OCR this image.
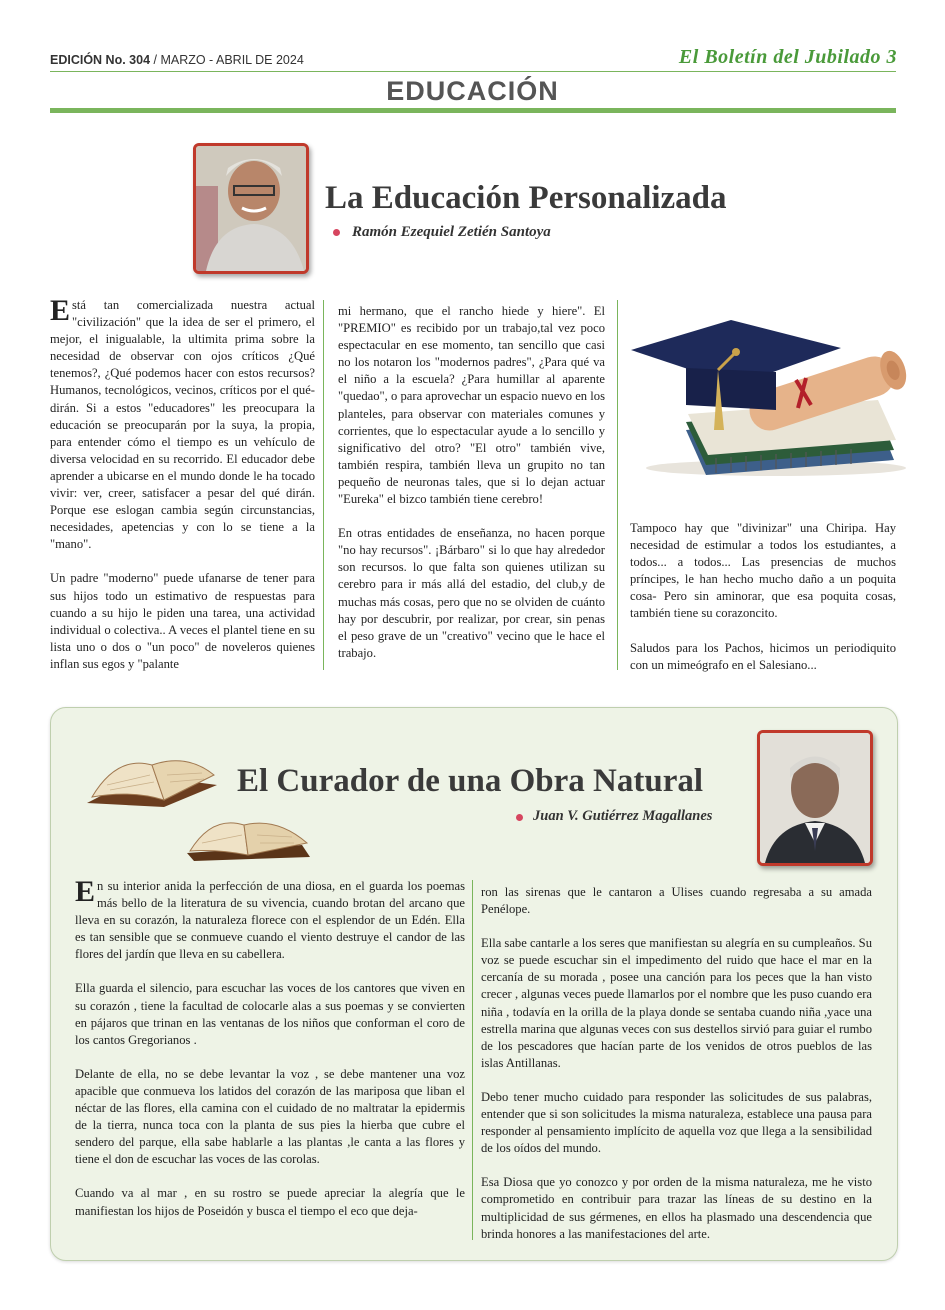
EDICIÓN No. 304 / MARZO - ABRIL DE 2024	El Boletín del Jubilado 3
EDUCACIÓN
La Educación Personalizada
Ramón Ezequiel Zetién Santoya

Está tan comercializada nuestra actual "civilización" que la idea de ser el primero, el mejor, el inigualable, la ultimita prima sobre la necesidad de observar con ojos críticos ¿Qué tenemos?, ¿Qué podemos hacer con estos recursos? Humanos, tecnológicos, vecinos, críticos por el qué- dirán. Si a estos "educadores" les preocupara la educación se preocuparán por la suya, la propia, para entender cómo el tiempo es un vehículo de diversa velocidad en su recorrido. El educador debe aprender a ubicarse en el mundo donde le ha tocado vivir: ver, creer, satisfacer a pesar del qué dirán. Porque ese eslogan cambia según circunstancias, necesidades, apetencias y con lo se tiene a la "mano".

Un padre "moderno" puede ufanarse de tener para sus hijos todo un estimativo de respuestas para cuando a su hijo le piden una tarea, una actividad individual o colectiva.. A veces el plantel tiene en su lista uno o dos o "un poco" de noveleros quienes inflan sus egos y "palante

mi hermano, que el rancho hiede y hiere". El "PREMIO" es recibido por un trabajo,tal vez poco espectacular en ese momento, tan sencillo que casi no los notaron los "modernos padres", ¿Para qué va el niño a la escuela? ¿Para humillar al aparente "quedao", o para aprovechar un espacio nuevo en los planteles, para observar con materiales comunes y corrientes, que lo espectacular ayude a lo sencillo y significativo del otro? "El otro" también vive, también respira, también lleva un grupito no tan pequeño de neuronas tales, que si lo dejan actuar "Eureka" el bizco también tiene cerebro!

En otras entidades de enseñanza, no hacen porque "no hay recursos". ¡Bárbaro" si lo que hay alrededor son recursos. lo que falta son quienes utilizan su cerebro para ir más allá del estadio, del club,y de muchas más cosas, pero que no se olviden de cuánto hay por descubrir, por realizar, por crear, sin penas el peso grave de un "creativo" vecino que le hace el trabajo.

Tampoco hay que "divinizar" una Chiripa. Hay necesidad de estimular a todos los estudiantes, a todos... a todos... Las presencias de muchos príncipes, le han hecho mucho daño a un poquita cosa- Pero sin aminorar, que esa poquita cosas, también tiene su corazoncito.

Saludos para los Pachos, hicimos un periodiquito con un mimeógrafo en el Salesiano...

El Curador de una Obra Natural
Juan V. Gutiérrez Magallanes

En su interior anida la perfección de una diosa, en el guarda los poemas más bello de la literatura de su vivencia, cuando brotan del arcano que lleva en su corazón, la naturaleza florece con el esplendor de un Edén. Ella es tan sensible que se conmueve cuando el viento destruye el candor de las flores del jardín que lleva en su cabellera.

Ella guarda el silencio, para escuchar las voces de los cantores que viven en su corazón , tiene la facultad de colocarle alas a sus poemas y se convierten en pájaros que trinan en las ventanas de los niños que conforman el coro de los cantos Gregorianos .

Delante de ella, no se debe levantar la voz , se debe mantener una voz apacible que conmueva los latidos del corazón de las mariposa que liban el néctar de las flores, ella camina con el cuidado de no maltratar la epidermis de la tierra, nunca toca con la planta de sus pies la hierba que cubre el sendero del parque, ella sabe hablarle a las plantas ,le canta a las flores y tiene el don de escuchar las voces de las corolas.

Cuando va al mar , en su rostro se puede apreciar la alegría que le manifiestan los hijos de Poseidón y busca el tiempo el eco que deja-

ron las sirenas que le cantaron a Ulises cuando regresaba a su amada Penélope.

Ella sabe cantarle a los seres que manifiestan su alegría en su cumpleaños. Su voz se puede escuchar sin el impedimento del ruido que hace el mar en la cercanía de su morada , posee una canción para los peces que la han visto crecer , algunas veces puede llamarlos por el nombre que les puso cuando era niña , todavía en la orilla de la playa donde se sentaba cuando niña ,yace una estrella marina que algunas veces con sus destellos sirvió para guiar el rumbo de los pescadores que hacían parte de los venidos de otros pueblos de las islas Antillanas.

Debo tener mucho cuidado para responder las solicitudes de sus palabras, entender que si son solicitudes la misma naturaleza, establece una pausa para responder al pensamiento implícito de aquella voz que llega a la sensibilidad de los oídos del mundo.

Esa Diosa que yo conozco y por orden de la misma naturaleza, me he visto comprometido en contribuir para trazar las líneas de su destino en la multiplicidad de sus gérmenes, en ellos ha plasmado una descendencia que brinda honores a las manifestaciones del arte.
